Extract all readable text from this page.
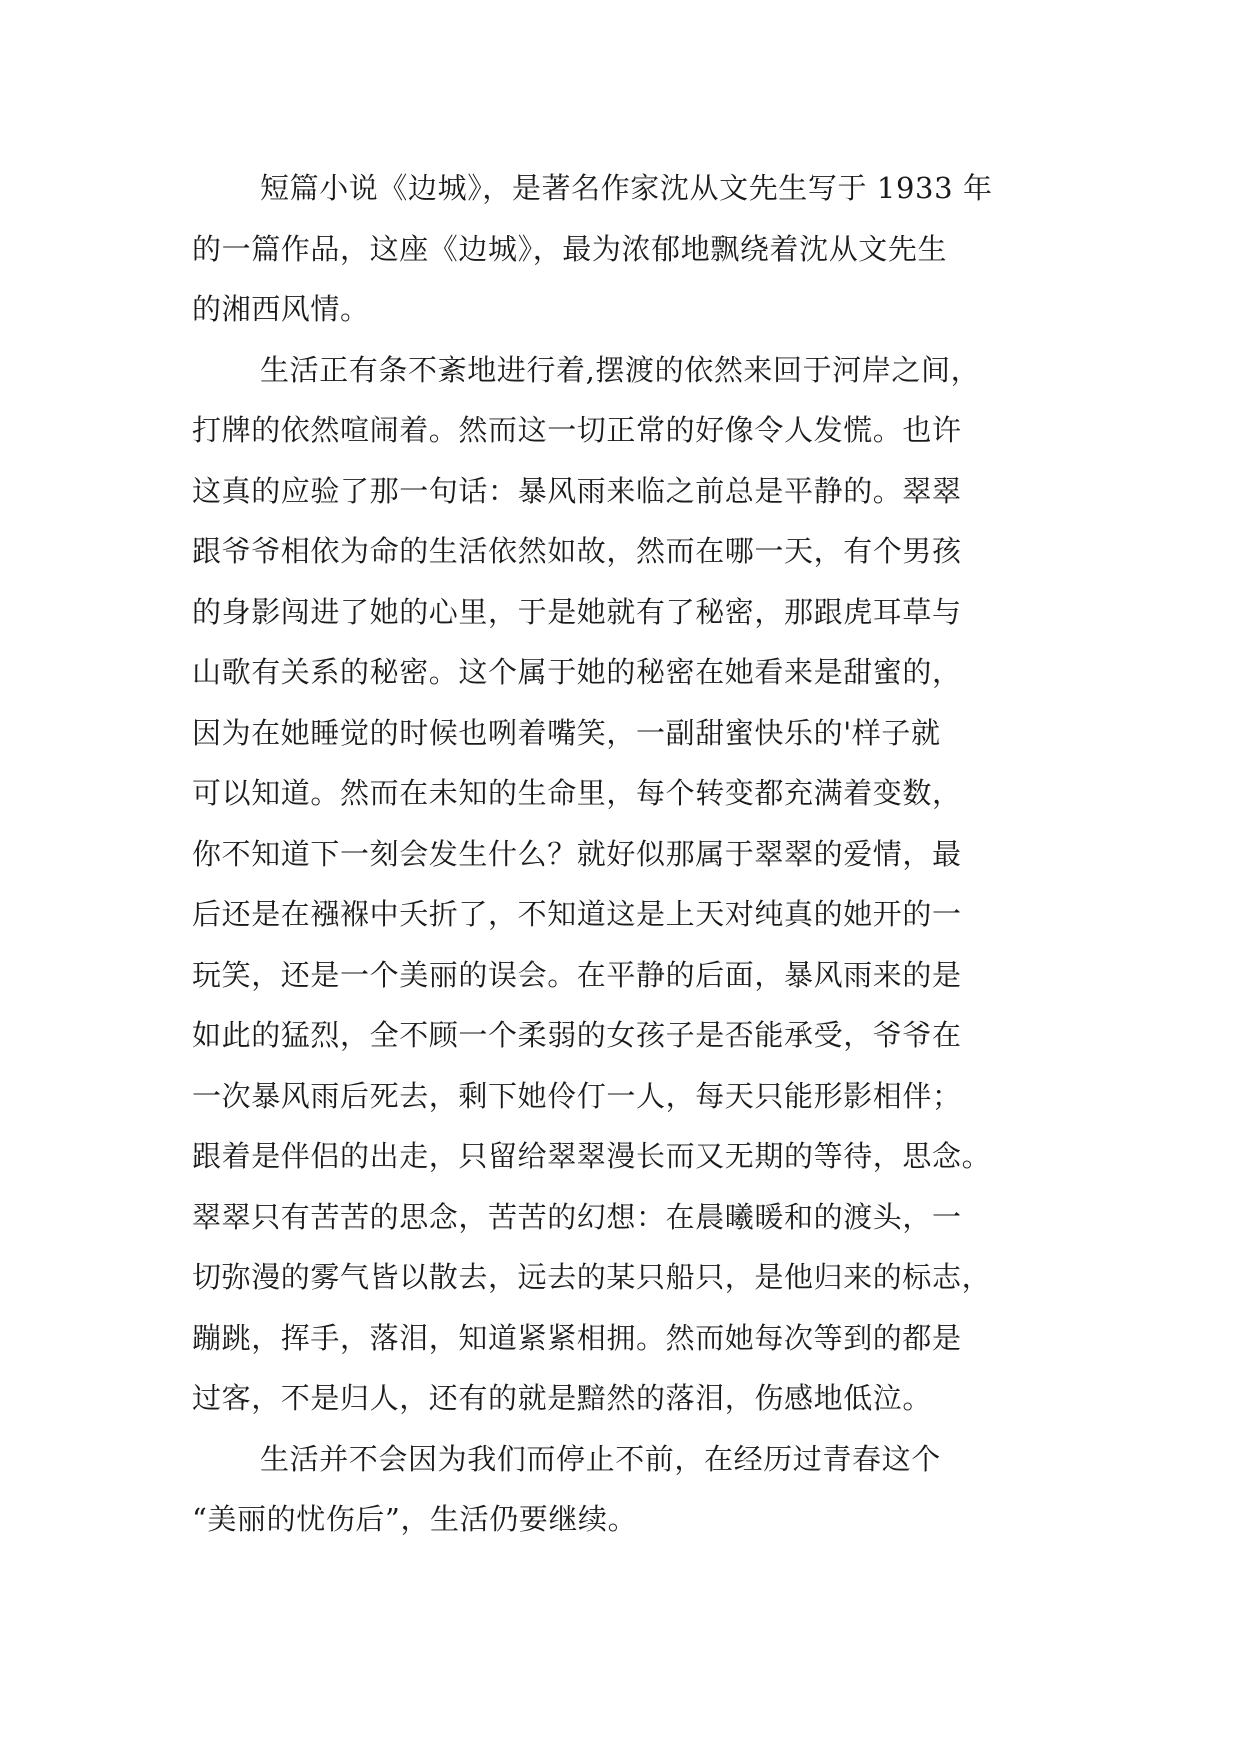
短篇小说《边城》，是著名作家沈从文先生写于 1933 年
的一篇作品，这座《边城》，最为浓郁地飘绕着沈从文先生
的湘西风情。
生活正有条不紊地进行着,摆渡的依然来回于河岸之间，
打牌的依然喧闹着。然而这一切正常的好像令人发慌。也许
这真的应验了那一句话：暴风雨来临之前总是平静的。翠翠
跟爷爷相依为命的生活依然如故，然而在哪一天，有个男孩
的身影闯进了她的心里，于是她就有了秘密，那跟虎耳草与
山歌有关系的秘密。这个属于她的秘密在她看来是甜蜜的，
因为在她睡觉的时候也咧着嘴笑，一副甜蜜快乐的'样子就
可以知道。然而在未知的生命里，每个转变都充满着变数，
你不知道下一刻会发生什么？就好似那属于翠翠的爱情，最
后还是在襁褓中夭折了，不知道这是上天对纯真的她开的一
玩笑，还是一个美丽的误会。在平静的后面，暴风雨来的是
如此的猛烈，全不顾一个柔弱的女孩子是否能承受，爷爷在
一次暴风雨后死去，剩下她伶仃一人，每天只能形影相伴；
跟着是伴侣的出走，只留给翠翠漫长而又无期的等待，思念。
翠翠只有苦苦的思念，苦苦的幻想：在晨曦暖和的渡头，一
切弥漫的雾气皆以散去，远去的某只船只，是他归来的标志，
蹦跳，挥手，落泪，知道紧紧相拥。然而她每次等到的都是
过客，不是归人，还有的就是黯然的落泪，伤感地低泣。
生活并不会因为我们而停止不前，在经历过青春这个
“美丽的忧伤后”，生活仍要继续。
